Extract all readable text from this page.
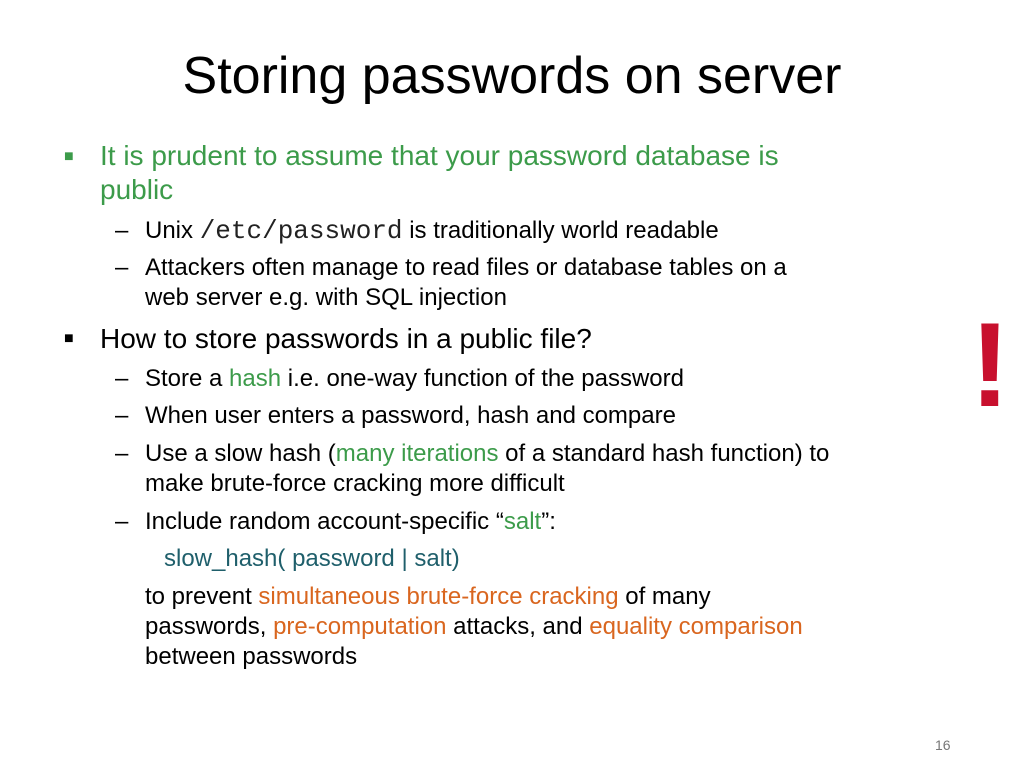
Storing passwords on server
■ It is prudent to assume that your password database is
public
– Unix /etc/password is traditionally world readable
– Attackers often manage to read files or database tables on a
web server e.g. with SQL injection
■ How to store passwords in a public file?
– Store a hash i.e. one-way function of the password
– When user enters a password, hash and compare
– Use a slow hash (many iterations of a standard hash function) to
make brute-force cracking more difficult
– Include random account-specific “salt”:
slow_hash( password | salt)
to prevent simultaneous brute-force cracking of many
passwords, pre-computation attacks, and equality comparison
between passwords
!
16
